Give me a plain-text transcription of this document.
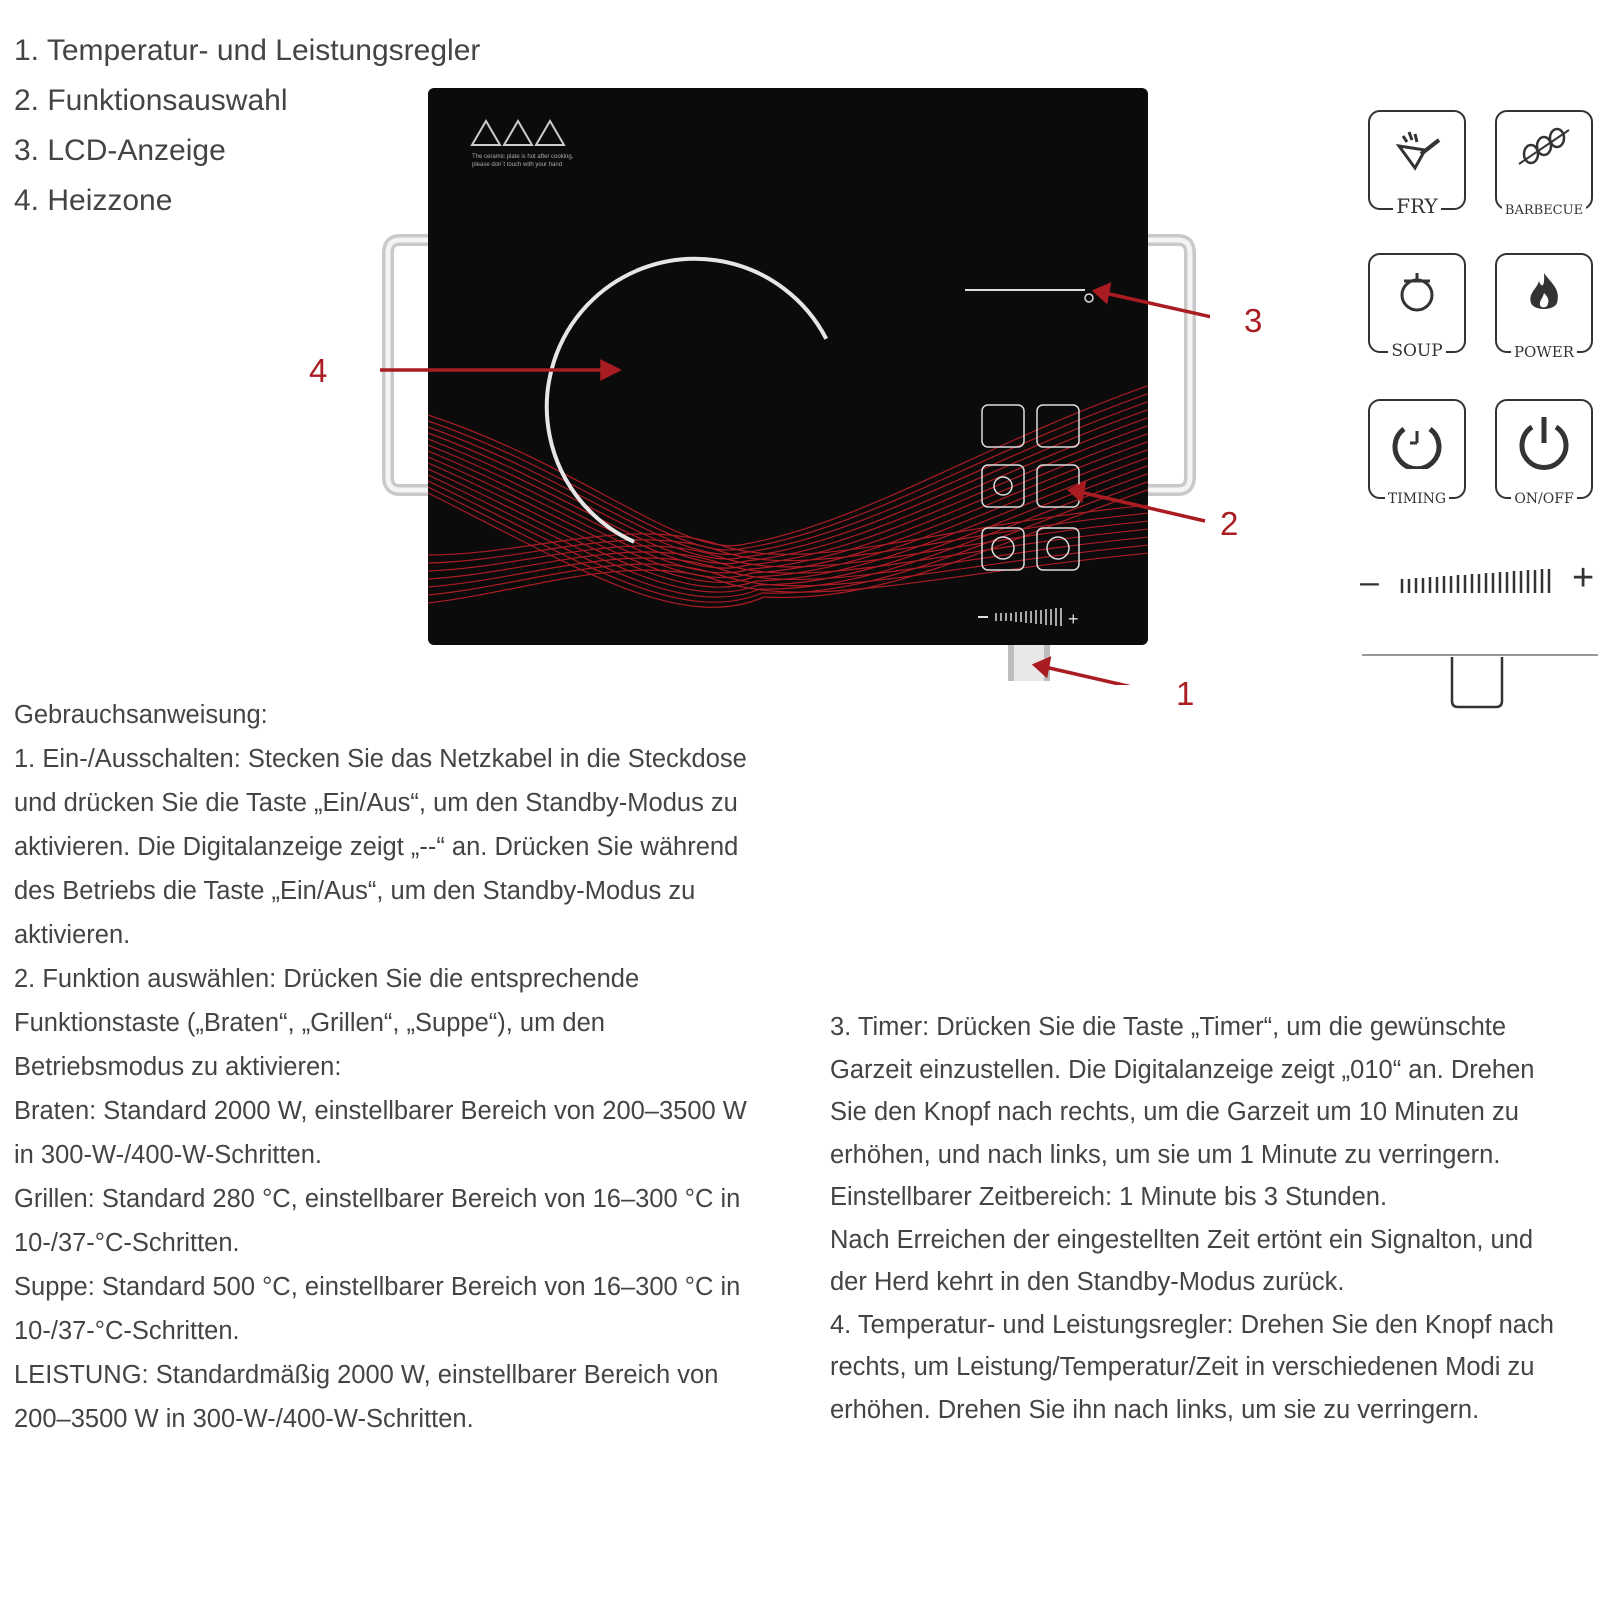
1. Temperatur- und Leistungsregler
2. Funktionsauswahl
3. LCD-Anzeige
4. Heizzone
The ceramic plate is hot after cooking,
please don`t touch with your hand
+
4
3
2
1
FRY	BARBECUE
SOUP	POWER
TIMING	ON/OFF
–	+
Gebrauchsanweisung:
1. Ein-/Ausschalten: Stecken Sie das Netzkabel in die Steckdose
und drücken Sie die Taste „Ein/Aus“, um den Standby-Modus zu
aktivieren. Die Digitalanzeige zeigt „--“ an. Drücken Sie während
des Betriebs die Taste „Ein/Aus“, um den Standby-Modus zu
aktivieren.
2. Funktion auswählen: Drücken Sie die entsprechende
Funktionstaste („Braten“, „Grillen“, „Suppe“), um den
Betriebsmodus zu aktivieren:
Braten: Standard 2000 W, einstellbarer Bereich von 200–3500 W
in 300-W-/400-W-Schritten.
Grillen: Standard 280 °C, einstellbarer Bereich von 16–300 °C in
10-/37-°C-Schritten.
Suppe: Standard 500 °C, einstellbarer Bereich von 16–300 °C in
10-/37-°C-Schritten.
LEISTUNG: Standardmäßig 2000 W, einstellbarer Bereich von
200–3500 W in 300-W-/400-W-Schritten.
3. Timer: Drücken Sie die Taste „Timer“, um die gewünschte
Garzeit einzustellen. Die Digitalanzeige zeigt „010“ an. Drehen
Sie den Knopf nach rechts, um die Garzeit um 10 Minuten zu
erhöhen, und nach links, um sie um 1 Minute zu verringern.
Einstellbarer Zeitbereich: 1 Minute bis 3 Stunden.
Nach Erreichen der eingestellten Zeit ertönt ein Signalton, und
der Herd kehrt in den Standby-Modus zurück.
4. Temperatur- und Leistungsregler: Drehen Sie den Knopf nach
rechts, um Leistung/Temperatur/Zeit in verschiedenen Modi zu
erhöhen. Drehen Sie ihn nach links, um sie zu verringern.
